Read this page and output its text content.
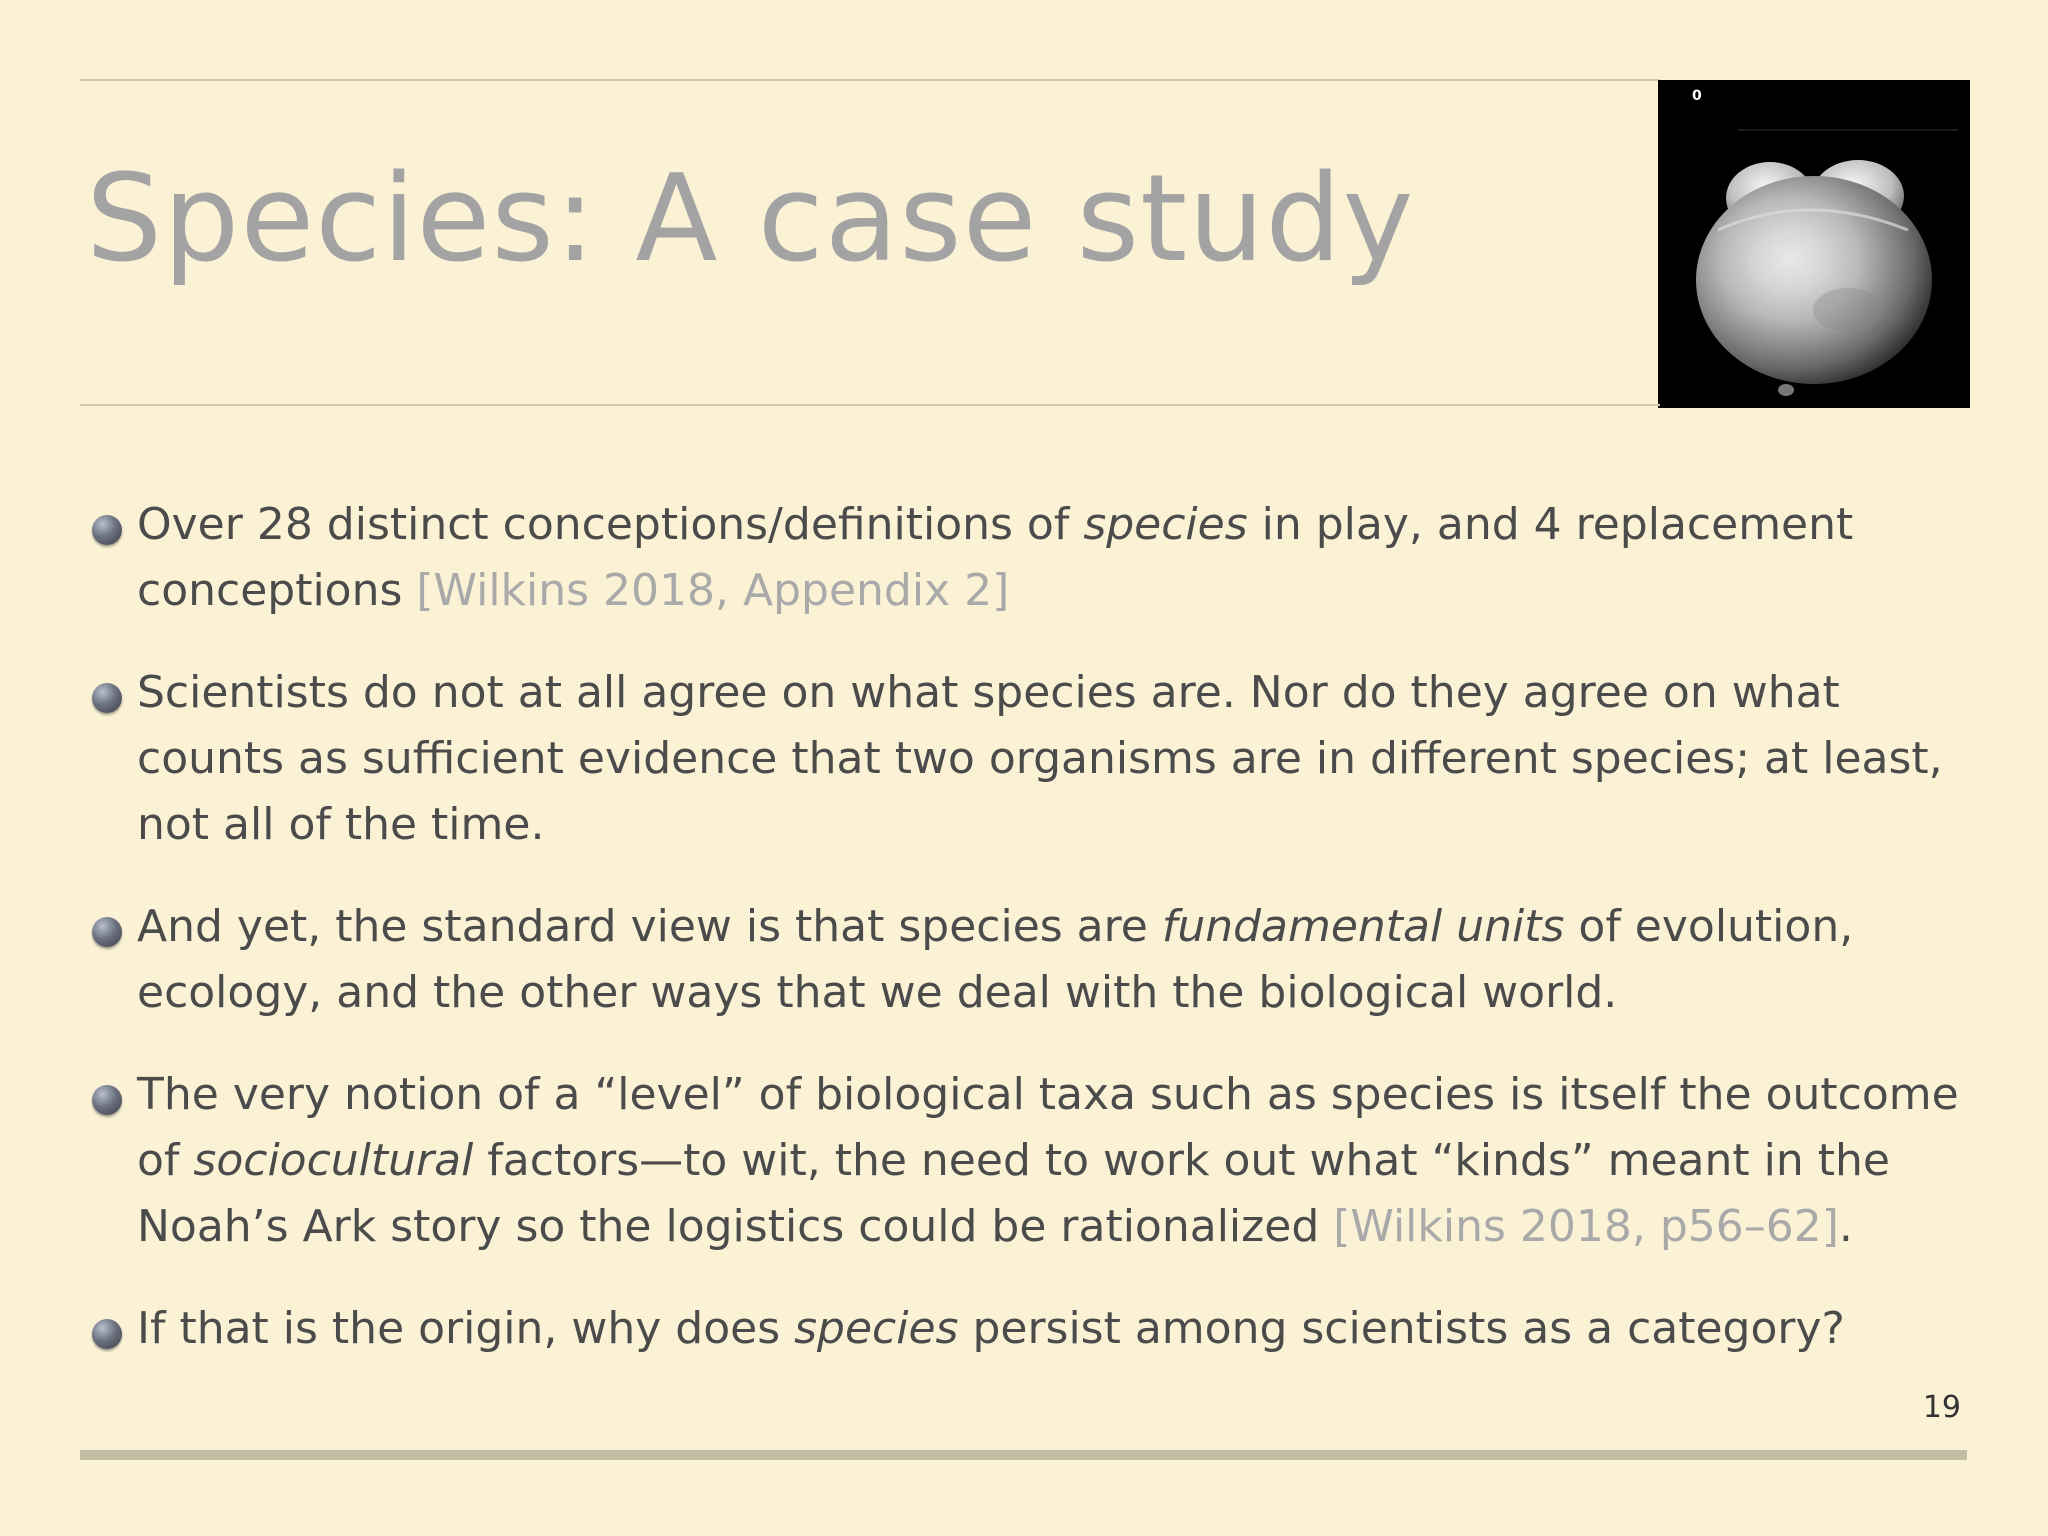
Species: A case study
0
Over 28 distinct conceptions/definitions of species in play, and 4 replacement conceptions [Wilkins 2018, Appendix 2]
Scientists do not at all agree on what species are. Nor do they agree on what counts as sufficient evidence that two organisms are in different species; at least, not all of the time.
And yet, the standard view is that species are fundamental units of evolution, ecology, and the other ways that we deal with the biological world.
The very notion of a “level” of biological taxa such as species is itself the outcome of sociocultural factors—to wit, the need to work out what “kinds” meant in the Noah’s Ark story so the logistics could be rationalized [Wilkins 2018, p56–62].
If that is the origin, why does species persist among scientists as a category?
19
